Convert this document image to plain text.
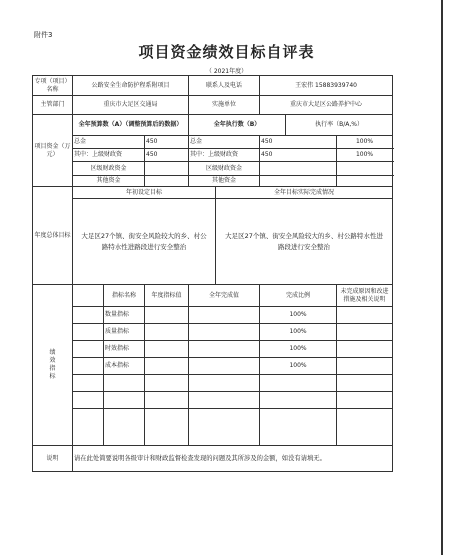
附件3
项目资金绩效目标自评表
（ 2021年度）
专项（项目）名称	公路安全生命防护程系附项目			联系人及电话		王宏伟 15883939740		
主管部门	重庆市大足区交通局			实施单位		重庆市大足区公路养护中心		
项目资金（万元）	全年预算数（A）（调整预算后的数据）			全年执行数（B）			执行率（B/A,%）	
	总金		450	总金		450		100%
	其中：上级财政资		450	其中：上级财政资		450		100%
	区级财政资金			区级财政资金				
	其他资金			其他资金				
年度总体目标	年初设定目标				全年目标实际完成情况			
	大足区27个镇、街安全风险较大的乡、村公路特水性进路段进行安全整治				大足区27个镇、街安全风险较大的乡、村公路特水性进路段进行安全整治			
绩效指标		指标名称	年度指标值	全年完成值		完成比例		未完成原因和改进措施及相关说明
		数量指标				100%		
		质量指标				100%		
		时效指标				100%		
		成本指标				100%		

说明	请在此处简要说明各级审计和财政监督检查发现的问题及其所涉及的金额，如没有请填无。							
